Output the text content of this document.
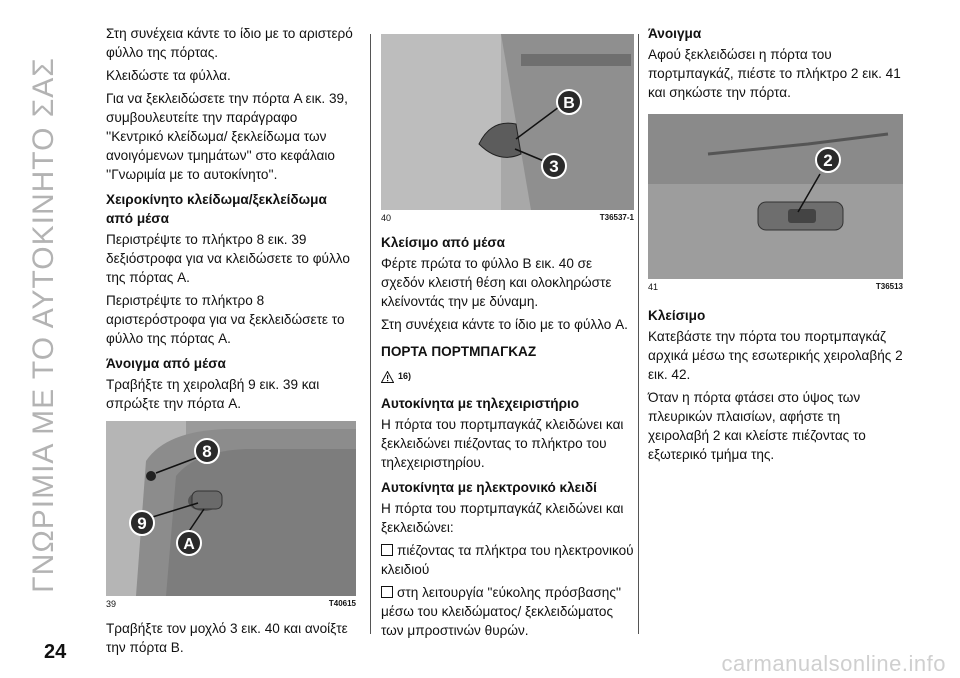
ΓΝΩΡΙΜΙΑ ΜΕ ΤΟ ΑΥΤΟΚΙΝΗΤΟ ΣΑΣ

Στη συνέχεια κάντε το ίδιο με το αριστερό φύλλο της πόρτας.

Κλειδώστε τα φύλλα.

Για να ξεκλειδώσετε την πόρτα A εικ. 39, συμβουλευτείτε την παράγραφο ''Κεντρικό κλείδωμα/ ξεκλείδωμα των ανοιγόμενων τμημάτων'' στο κεφάλαιο ''Γνωριμία με το αυτοκίνητο''.

Χειροκίνητο κλείδωμα/ξεκλείδωμα από μέσα

Περιστρέψτε το πλήκτρο 8 εικ. 39 δεξιόστροφα για να κλειδώσετε το φύλλο της πόρτας A.

Περιστρέψτε το πλήκτρο 8 αριστερόστροφα για να ξεκλειδώσετε το φύλλο της πόρτας A.

Άνοιγμα από μέσα

Τραβήξτε τη χειρολαβή 9 εικ. 39 και σπρώξτε την πόρτα A.

8
9
A
39	T40615

Τραβήξτε τον μοχλό 3 εικ. 40 και ανοίξτε την πόρτα B.

B
3
40	T36537-1
Κλείσιμο από μέσα

Φέρτε πρώτα το φύλλο B εικ. 40 σε σχεδόν κλειστή θέση και ολοκληρώστε κλείνοντάς την με δύναμη.

Στη συνέχεια κάντε το ίδιο με το φύλλο A.

ΠΟΡΤΑ ΠΟΡΤΜΠΑΓΚΑΖ
16)
Αυτοκίνητα με τηλεχειριστήριο

Η πόρτα του πορτμπαγκάζ κλειδώνει και ξεκλειδώνει πιέζοντας το πλήκτρο του τηλεχειριστηρίου.

Αυτοκίνητα με ηλεκτρονικό κλειδί

Η πόρτα του πορτμπαγκάζ κλειδώνει και ξεκλειδώνει:

πιέζοντας τα πλήκτρα του ηλεκτρονικού κλειδιού

στη λειτουργία ''εύκολης πρόσβασης'' μέσω του κλειδώματος/ ξεκλειδώματος των μπροστινών θυρών.

Άνοιγμα

Αφού ξεκλειδώσει η πόρτα του πορτμπαγκάζ, πιέστε το πλήκτρο 2 εικ. 41 και σηκώστε την πόρτα.

2
41	T36513
Κλείσιμο

Κατεβάστε την πόρτα του πορτμπαγκάζ αρχικά μέσω της εσωτερικής χειρολαβής 2 εικ. 42.

Όταν η πόρτα φτάσει στο ύψος των πλευρικών πλαισίων, αφήστε τη χειρολαβή 2 και κλείστε πιέζοντας το εξωτερικό τμήμα της.

24	carmanualsonline.info
